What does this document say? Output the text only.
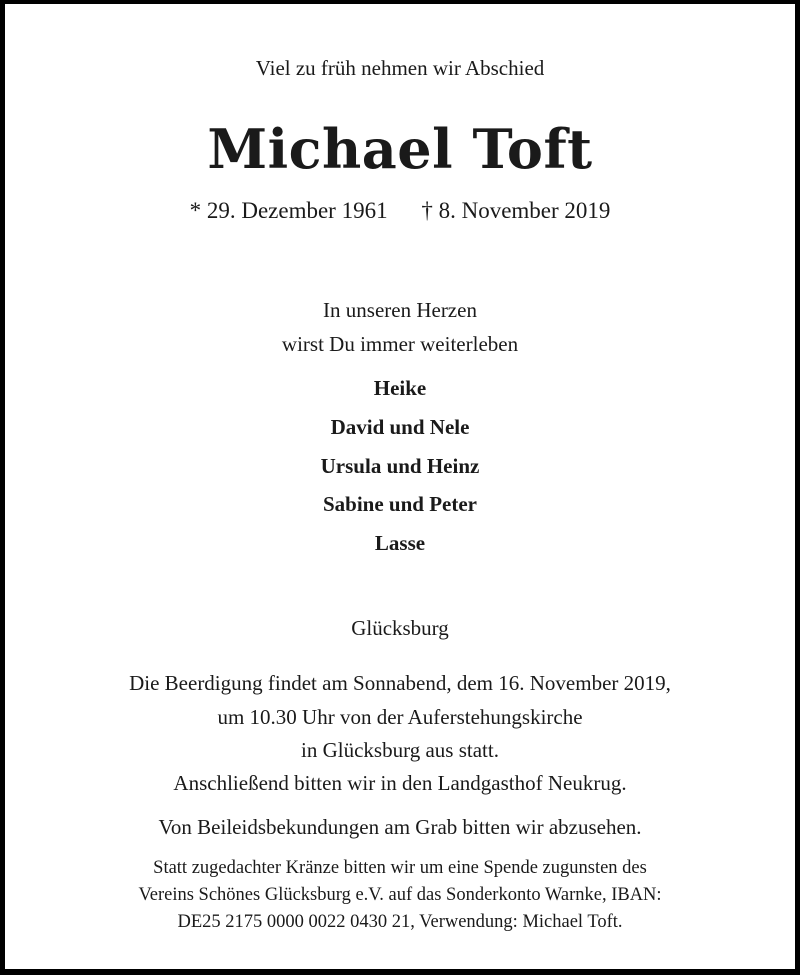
Viel zu früh nehmen wir Abschied
Michael Toft
* 29. Dezember 1961 † 8. November 2019
In unseren Herzen
wirst Du immer weiterleben
Heike
David und Nele
Ursula und Heinz
Sabine und Peter
Lasse
Glücksburg
Die Beerdigung findet am Sonnabend, dem 16. November 2019,
um 10.30 Uhr von der Auferstehungskirche
in Glücksburg aus statt.
Anschließend bitten wir in den Landgasthof Neukrug.
Von Beileidsbekundungen am Grab bitten wir abzusehen.
Statt zugedachter Kränze bitten wir um eine Spende zugunsten des
Vereins Schönes Glücksburg e.V. auf das Sonderkonto Warnke, IBAN:
DE25 2175 0000 0022 0430 21, Verwendung: Michael Toft.
